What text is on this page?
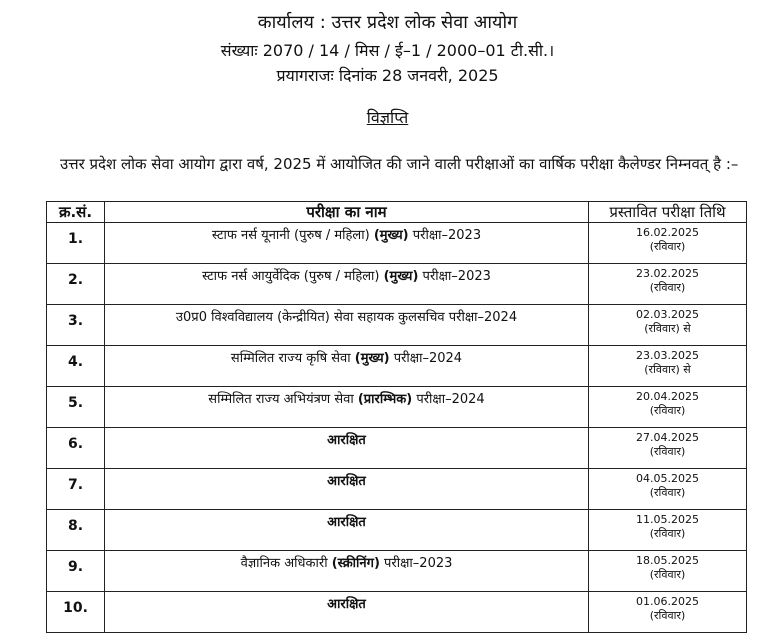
कार्यालय : उत्तर प्रदेश लोक सेवा आयोग
संख्याः 2070 / 14 / मिस / ई–1 / 2000–01 टी.सी.।
प्रयागराजः दिनांक 28 जनवरी, 2025
विज्ञप्ति
उत्तर प्रदेश लोक सेवा आयोग द्वारा वर्ष, 2025 में आयोजित की जाने वाली परीक्षाओं का वार्षिक परीक्षा कैलेण्डर निम्नवत् है :–
क्र.सं.	परीक्षा का नाम	प्रस्तावित परीक्षा तिथि
1.	स्टाफ नर्स यूनानी (पुरुष / महिला) (मुख्य) परीक्षा–2023	16.02.2025
(रविवार)

2.	स्टाफ नर्स आयुर्वेदिक (पुरुष / महिला) (मुख्य) परीक्षा–2023	23.02.2025
(रविवार)

3.	उ0प्र0 विश्वविद्यालय (केन्द्रीयित) सेवा सहायक कुलसचिव परीक्षा–2024	02.03.2025
(रविवार) से

4.	सम्मिलित राज्य कृषि सेवा (मुख्य) परीक्षा–2024	23.03.2025
(रविवार) से

5.	सम्मिलित राज्य अभियंत्रण सेवा (प्रारम्भिक) परीक्षा–2024	20.04.2025
(रविवार)

6.	आरक्षित	27.04.2025
(रविवार)

7.	आरक्षित	04.05.2025
(रविवार)

8.	आरक्षित	11.05.2025
(रविवार)

9.	वैज्ञानिक अधिकारी (स्क्रीनिंग) परीक्षा–2023	18.05.2025
(रविवार)

10.	आरक्षित	01.06.2025
(रविवार)
